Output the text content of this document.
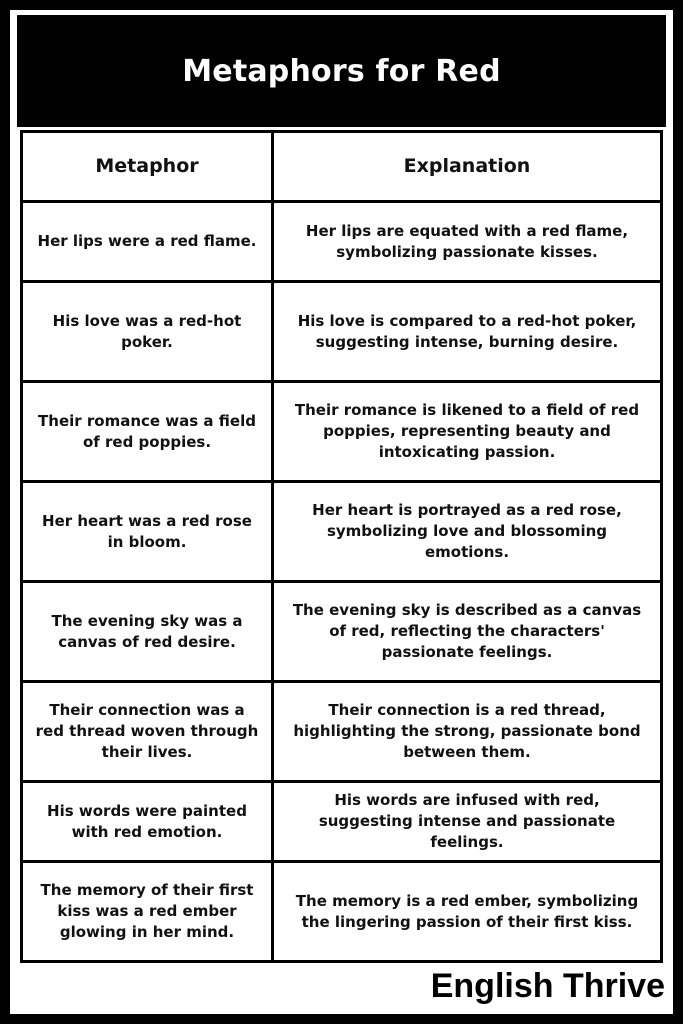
Metaphors for Red
Metaphor	Explanation
Her lips were a red flame.	Her lips are equated with a red flame, symbolizing passionate kisses.
His love was a red-hot poker.	His love is compared to a red-hot poker, suggesting intense, burning desire.
Their romance was a field of red poppies.	Their romance is likened to a field of red poppies, representing beauty and intoxicating passion.
Her heart was a red rose in bloom.	Her heart is portrayed as a red rose, symbolizing love and blossoming emotions.
The evening sky was a canvas of red desire.	The evening sky is described as a canvas of red, reflecting the characters' passionate feelings.
Their connection was a red thread woven through their lives.	Their connection is a red thread, highlighting the strong, passionate bond between them.
His words were painted with red emotion.	His words are infused with red, suggesting intense and passionate feelings.
The memory of their first kiss was a red ember glowing in her mind.	The memory is a red ember, symbolizing the lingering passion of their first kiss.
English Thrive
